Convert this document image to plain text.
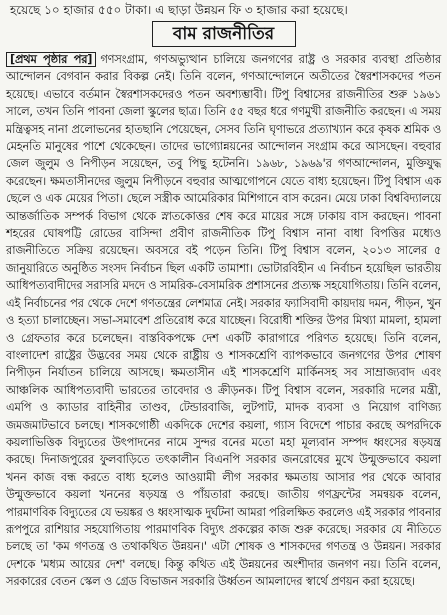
হয়েছে ১০ হাজার ৫৫০ টাকা। এ ছাড়া উন্নয়ন ফি ৩ হাজার করা হয়েছে।

বাম রাজনীতির

[প্রথম পৃষ্ঠার পর] গণসংগ্রাম, গণঅভ্যুত্থান চালিয়ে জনগণের রাষ্ট্র ও সরকার ব্যবস্থা প্রতিষ্ঠার আন্দোলন বেগবান করার বিকল্প নেই। তিনি বলেন, গণআন্দোলনে অতীতের স্বৈরশাসকদের পতন হয়েছে। এভাবে বর্তমান স্বৈরশাসকদেরও পতন অবশ্যম্ভাবী। টিপু বিশ্বাসের রাজনীতির শুরু ১৯৬১ সালে, তখন তিনি পাবনা জেলা স্কুলের ছাত্র। তিনি ৫৫ বছর ধরে গণমুখী রাজনীতি করছেন। এ সময় মন্ত্রিত্বসহ নানা প্রলোভনের হাতছানি পেয়েছেন, সেসব তিনি ঘৃণাভরে প্রত্যাখ্যান করে কৃষক শ্রমিক ও মেহনতি মানুষের পাশে থেকেছেন। তাদের ভাগ্যোন্নয়নের আন্দোলন সংগ্রাম করে আসছেন। বহুবার জেল জুলুম ও নিপীড়ন সয়েছেন, তবু পিছু হটেননি। ১৯৬৮, ১৯৬৯'র গণআন্দোলন, মুক্তিযুদ্ধ করেছেন। ক্ষমতাসীনদের জুলুম নিপীড়নে বহুবার আত্মগোপনে যেতে বাধ্য হয়েছেন। টিপু বিশ্বাস এক ছেলে ও এক মেয়ের পিতা। ছেলে সস্ত্রীক আমেরিকার মিশিগানে বাস করেন। মেয়ে ঢাকা বিশ্ববিদ্যালয়ে আন্তর্জাতিক সম্পর্ক বিভাগ থেকে স্নাতকোত্তর শেষ করে মায়ের সঙ্গে ঢাকায় বাস করছেন। পাবনা শহরের ঘোষপট্টি রোডের বাসিন্দা প্রবীণ রাজনীতিক টিপু বিশ্বাস নানা বাধা বিপত্তির মধ্যেও রাজনীতিতে সক্রিয় রয়েছেন। অবসরে বই পড়েন তিনি। টিপু বিশ্বাস বলেন, ২০১৩ সালের ৫ জানুয়ারিতে অনুষ্ঠিত সংসদ নির্বাচন ছিল একটি তামাশা। ভোটারবিহীন এ নির্বাচন হয়েছিল ভারতীয় আধিপত্যবাদীদের সরাসরি মদদে ও সামরিক-বেসামরিক প্রশাসনের প্রত্যক্ষ সহযোগিতায়। তিনি বলেন, এই নির্বাচনের পর থেকে দেশে গণতন্ত্রের লেশমাত্র নেই। সরকার ফ্যাসিবাদী কায়দায় দমন, পীড়ন, খুন ও হত্যা চালাচ্ছেন। সভা-সমাবেশ প্রতিরোধ করে যাচ্ছেন। বিরোধী শক্তির উপর মিথ্যা মামলা, হামলা ও গ্রেফতার করে চলেছেন। বাস্তবিকপক্ষে দেশ একটি কারাগারে পরিণত হয়েছে। তিনি বলেন, বাংলাদেশ রাষ্ট্রের উদ্ভবের সময় থেকে রাষ্ট্রীয় ও শাসকশ্রেণি ব্যাপকভাবে জনগণের উপর শোষণ নিপীড়ন নির্যাতন চালিয়ে আসছে। ক্ষমতাসীন এই শাসকশ্রেণি মার্কিনসহ সব সাম্রাজ্যবাদ এবং আঞ্চলিক আধিপত্যবাদী ভারতের তাবেদার ও ক্রীড়নক। টিপু বিশ্বাস বলেন, সরকারি দলের মন্ত্রী, এমপি ও ক্যাডার বাহিনীর তাণ্ডব, টেন্ডারবাজি, লুটপাট, মাদক ব্যবসা ও নিয়োগ বাণিজ্য জমজমাটভাবে চলছে। শাসকগোষ্ঠী একদিকে দেশের কয়লা, গ্যাস বিদেশে পাচার করছে অপরদিকে কয়লাভিত্তিক বিদ্যুতের উৎপাদনের নামে সুন্দর বনের মতো মহা মূল্যবান সম্পদ ধ্বংসের ষড়যন্ত্র করছে। দিনাজপুরের ফুলবাড়িতে তৎকালীন বিএনপি সরকার জনরোষের মুখে উন্মুক্তভাবে কয়লা খনন কাজ বন্ধ করতে বাধ্য হলেও আওয়ামী লীগ সরকার ক্ষমতায় আসার পর থেকে আবার উন্মুক্তভাবে কয়লা খননের ষড়যন্ত্র ও পাঁয়তারা করছে। জাতীয় গণফ্রন্টের সমন্বয়ক বলেন, পারমাণবিক বিদ্যুতের যে ভয়ঙ্কর ও ধ্বংসাত্মক দুর্ঘটনা আমরা পরিলক্ষিত করলেও এই সরকার পাবনার রূপপুরে রাশিয়ার সহযোগিতায় পারমাণবিক বিদ্যুৎ প্রকল্পের কাজ শুরু করেছে। সরকার যে নীতিতে চলছে তা 'কম গণতন্ত্র ও তথাকথিত উন্নয়ন।' এটা শোষক ও শাসকদের গণতন্ত্র ও উন্নয়ন। সরকার দেশকে 'মধ্যম আয়ের দেশ' বলছে। কিন্তু কথিত এই উন্নয়নের অংশীদার জনগণ নয়। তিনি বলেন, সরকারের বেতন স্কেল ও গ্রেড বিভাজন সরকারি উর্ধ্বতন আমলাদের স্বার্থে প্রণয়ন করা হয়েছে।
